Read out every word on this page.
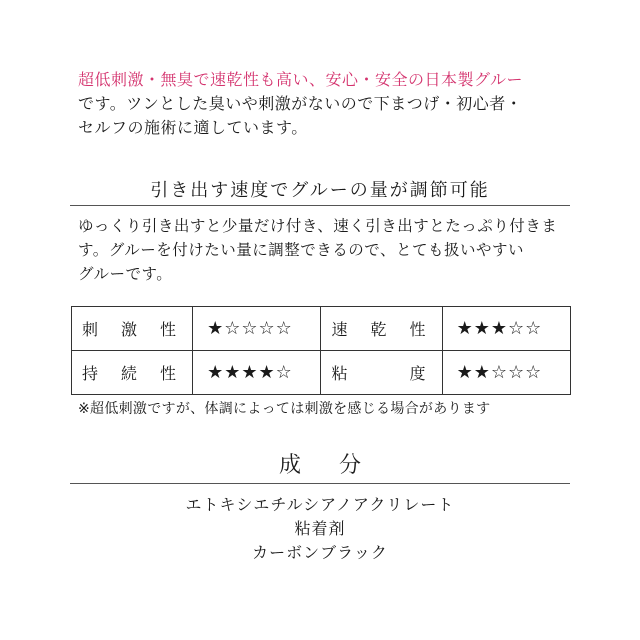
超低刺激・無臭で速乾性も高い、安心・安全の日本製グルー
です。ツンとした臭いや刺激がないので下まつげ・初心者・
セルフの施術に適しています。
引き出す速度でグルーの量が調節可能
ゆっくり引き出すと少量だけ付き、速く引き出すとたっぷり付きま
す。グルーを付けたい量に調整できるので、とても扱いやすい
グルーです。
刺 激 性	★☆☆☆☆	速 乾 性	★★★☆☆

持 続 性	★★★★☆	粘 度	★★☆☆☆
※超低刺激ですが、体調によっては刺激を感じる場合があります
成分
エトキシエチルシアノアクリレート
粘着剤
カーボンブラック
